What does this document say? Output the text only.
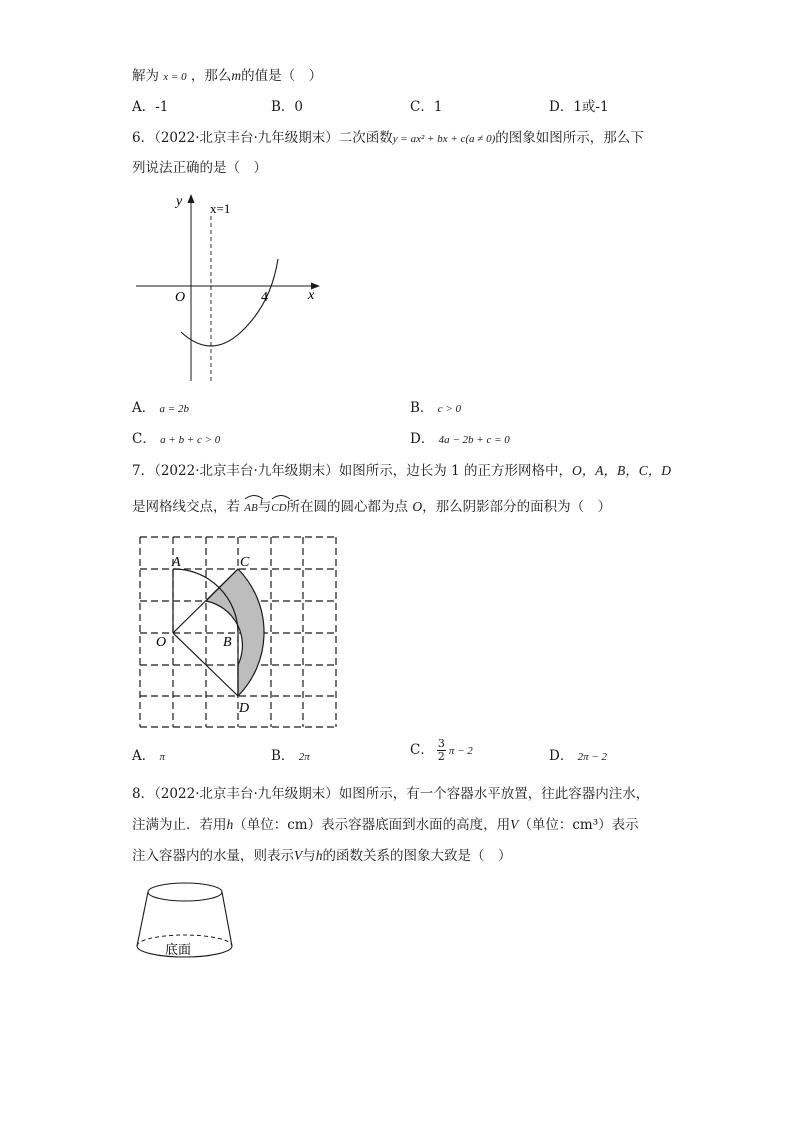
解为 x = 0 ，那么m的值是（　）
A．-1	B．0	C．1	D．1或-1
6．（2022·北京丰台·九年级期末）二次函数y = ax² + bx + c(a ≠ 0)的图象如图所示，那么下
列说法正确的是（　）
y
x
O
x=1
4
A． a = 2b	B． c > 0
C． a + b + c > 0	D． 4a − 2b + c = 0
7．（2022·北京丰台·九年级期末）如图所示，边长为 1 的正方形网格中，O，A，B，C，D
是网格线交点，若 AB与
CD所在圆的圆心都为点 O，那么阴影部分的面积为（　）
A	C
O	B
D
A． π	B． 2π	C． $\frac{3}{2}$ π − 2	D． 2π − 2
8．（2022·北京丰台·九年级期末）如图所示，有一个容器水平放置，往此容器内注水，
注满为止．若用h（单位：cm）表示容器底面到水面的高度，用V（单位：cm³）表示
注入容器内的水量，则表示V与h的函数关系的图象大致是（　）
底面
